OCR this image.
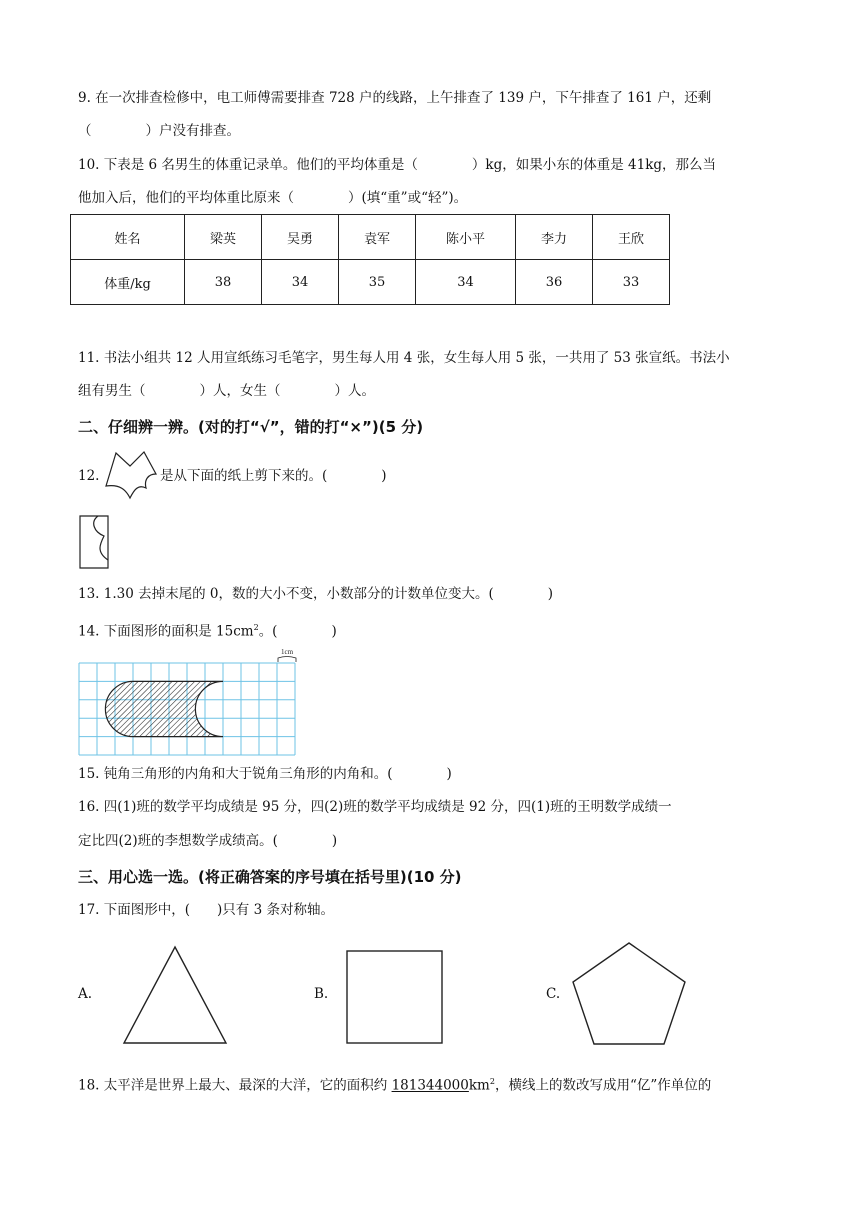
9. 在一次排查检修中，电工师傅需要排查 728 户的线路，上午排查了 139 户，下午排查了 161 户，还剩
（　　　　）户没有排查。
10. 下表是 6 名男生的体重记录单。他们的平均体重是（　　　　）kg，如果小东的体重是 41kg，那么当
他加入后，他们的平均体重比原来（　　　　）(填“重”或“轻”)。
姓名	梁英	吴勇	袁军	陈小平	李力	王欣
体重/kg	38	34	35	34	36	33
11. 书法小组共 12 人用宣纸练习毛笔字，男生每人用 4 张，女生每人用 5 张，一共用了 53 张宣纸。书法小
组有男生（　　　　）人，女生（　　　　）人。
二、仔细辨一辨。(对的打“√”，错的打“×”)(5 分)
12.	是从下面的纸上剪下来的。(　　　　)
13. 1.30 去掉末尾的 0，数的大小不变，小数部分的计数单位变大。(　　　　)
14. 下面图形的面积是 $15cm^2$。(　　　　)
1cm
15. 钝角三角形的内角和大于锐角三角形的内角和。(　　　　)
16. 四(1)班的数学平均成绩是 95 分，四(2)班的数学平均成绩是 92 分，四(1)班的王明数学成绩一
定比四(2)班的李想数学成绩高。(　　　　)
三、用心选一选。(将正确答案的序号填在括号里)(10 分)
17. 下面图形中，(　　)只有 3 条对称轴。
A.	B.	C.
18. 太平洋是世界上最大、最深的大洋，它的面积约 $181344000km^2$，横线上的数改写成用“亿”作单位的
